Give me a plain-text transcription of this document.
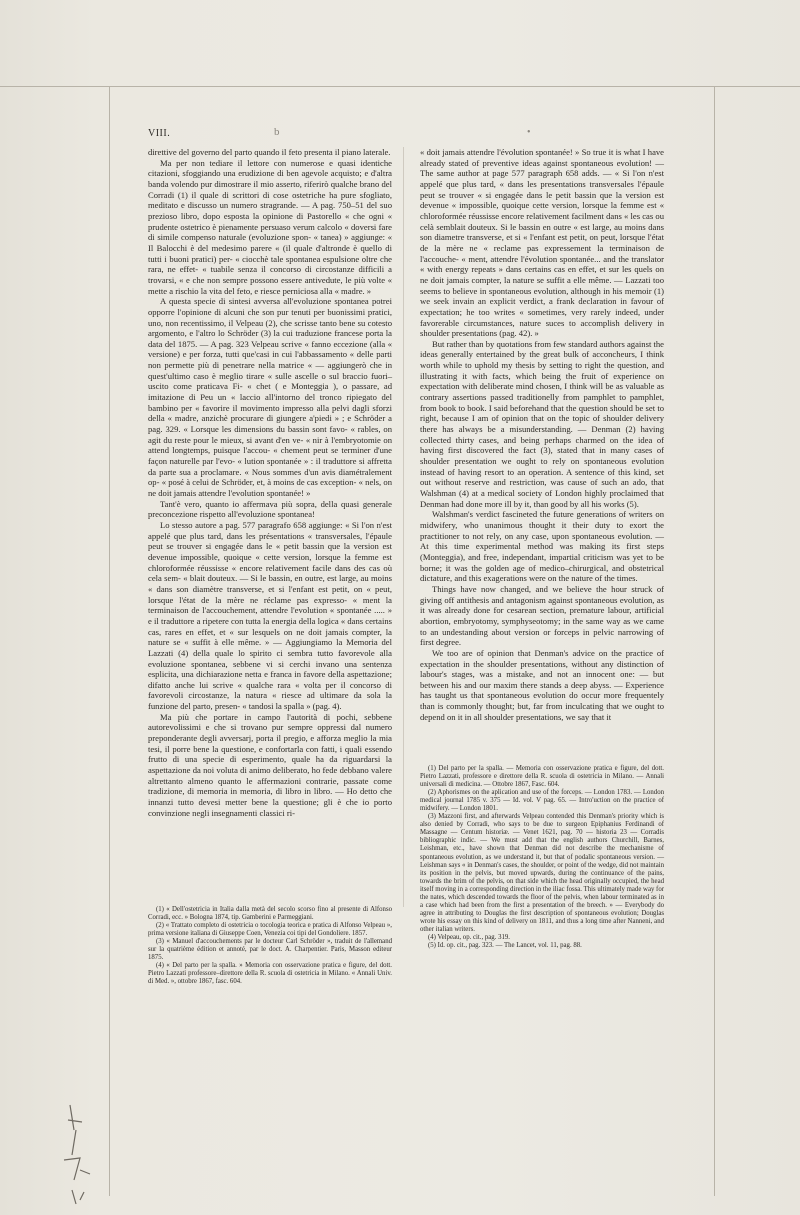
VIII.	b	•

direttive del governo del parto quando il feto presenta il piano laterale.

Ma per non tediare il lettore con numerose e quasi identiche citazioni, sfoggiando una erudizione di ben agevole acquisto; e d'altra banda volendo pur dimostrare il mio asserto, riferirò qualche brano del Corradi (1) il quale di scrittori di cose ostetriche ha pure sfogliato, meditato e discusso un numero stragrande. — A pag. 750–51 del suo prezioso libro, dopo esposta la opinione di Pastorello « che ogni « prudente ostetrico è pienamente persuaso verum calcolo « doversi fare di simile compenso naturale (evoluzione spon- « tanea) » aggiunge: « Il Balocchi è del medesimo parere « (il quale d'altronde è quello di tutti i buoni pratici) per- « ciocchè tale spontanea espulsione oltre che rara, ne effet- « tuabile senza il concorso di circostanze difficili a trovarsi, « e che non sempre possono essere antivedute, le più volte « mette a rischio la vita del feto, e riesce perniciosa alla « madre. »

A questa specie di sintesi avversa all'evoluzione spontanea potrei opporre l'opinione di alcuni che son pur tenuti per buonissimi pratici, uno, non recentissimo, il Velpeau (2), che scrisse tanto bene su cotesto argomento, e l'altro lo Schröder (3) la cui traduzione francese porta la data del 1875. — A pag. 323 Velpeau scrive « fanno eccezione (alla « versione) e per forza, tutti que'casi in cui l'abbassamento « delle parti non permette più di penetrare nella matrice « — aggiungerò che in quest'ultimo caso è meglio tirare « sulle ascelle o sul braccio fuori–uscito come praticava Fi- « chet ( e Monteggia ), o passare, ad imitazione di Peu un « laccio all'intorno del tronco ripiegato del bambino per « favorire il movimento impresso alla pelvi dagli sforzi della « madre, anzichè procurare di giungere a'piedi » ; e Schröder a pag. 329. « Lorsque les dimensions du bassin sont favo- « rables, on agit du reste pour le mieux, si avant d'en ve- « nir à l'embryotomie on attend longtemps, puisque l'accou- « chement peut se terminer d'une façon naturelle par l'evo- « lution spontanée » : il traduttore si affretta da parte sua a proclamare. « Nous sommes d'un avis diamétralement op- « posé à celui de Schröder, et, à moins de cas exception- « nels, on ne doit jamais attendre l'evolution spontanée! »

Tant'è vero, quanto io affermava più sopra, della quasi generale preconcezione rispetto all'evoluzione spontanea!

Lo stesso autore a pag. 577 paragrafo 658 aggiunge: « Si l'on n'est appelé que plus tard, dans les présentations « transversales, l'épaule peut se trouver si engagée dans le « petit bassin que la version est devenue impossible, quoique « cette version, lorsque la femme est chloroformée réussisse « encore relativement facile dans des cas où cela sem- « blait douteux. — Si le bassin, en outre, est large, au moins « dans son diamètre transverse, et si l'enfant est petit, on « peut, lorsque l'état de la mère ne réclame pas expresso- « ment la terminaison de l'accouchement, attendre l'evolution « spontanée ..... » e il traduttore a ripetere con tutta la energia della logica « dans certains cas, rares en effet, et « sur lesquels on ne doit jamais compter, la nature se « suffit à elle même. » — Aggiungiamo la Memoria del Lazzati (4) della quale lo spirito ci sembra tutto favorevole alla evoluzione spontanea, sebbene vi si cerchi invano una sentenza esplicita, una dichiarazione netta e franca in favore della aspettazione; difatto anche lui scrive « qualche rara « volta per il concorso di favorevoli circostanze, la natura « riesce ad ultimare da sola la funzione del parto, presen- « tandosi la spalla » (pag. 4).

Ma più che portare in campo l'autorità di pochi, sebbene autorevolissimi e che si trovano pur sempre oppressi dal numero preponderante degli avversarj, porta il pregio, e afforza meglio la mia tesi, il porre bene la questione, e confortarla con fatti, i quali essendo frutto di una specie di esperimento, quale ha da riguardarsi la aspettazione da noi voluta di animo deliberato, ho fede debbano valere altrettanto almeno quanto le affermazioni contrarie, passate come tradizione, di memoria in memoria, di libro in libro. — Ho detto che innanzi tutto devesi metter bene la questione; gli è che io porto convinzione negli insegnamenti classici ri-

(1) « Dell'ostetricia in Italia dalla metà del secolo scorso fino al presente di Alfonso Corradi, ecc. » Bologna 1874, tip. Gamberini e Parmeggiani.

(2) « Trattato completo di ostetricia o tocologia teorica e pratica di Alfonso Velpeau », prima versione italiana di Giuseppe Coen, Venezia coi tipi del Gondoliere. 1857.

(3) « Manuel d'accouchements par le docteur Carl Schröder », traduit de l'allemand sur la quatrième édition et annoté, par le doct. A. Charpentier. Paris, Masson editeur 1875.

(4) « Del parto per la spalla. » Memoria con osservazione pratica e figure, del dott. Pietro Lazzati professore–direttore della R. scuola di ostetricia in Milano. « Annali Univ. di Med. », ottobre 1867, fasc. 604.

« doit jamais attendre l'évolution spontanée! » So true it is what I have already stated of preventive ideas against spontaneous evolution! — The same author at page 577 paragraph 658 adds. — « Si l'on n'est appelé que plus tard, « dans les presentations transversales l'épaule peut se trouver « si engagée dans le petit bassin que la version est devenue « impossible, quoique cette version, lorsque la femme est « chloroformée réussisse encore relativement facilment dans « les cas ou celà semblait douteux. Si le bassin en outre « est large, au moins dans son diametre transverse, et si « l'enfant est petit, on peut, lorsque l'état de la mère ne « reclame pas expressement la terminaison de l'accouche- « ment, attendre l'évolution spontanée... and the translator « with energy repeats » dans certains cas en effet, et sur les quels on ne doit jamais compter, la nature se suffit a elle même. — Lazzati too seems to believe in spontaneous evolution, although in his memoir (1) we seek invain an explicit verdict, a frank declaration in favour of expectation; he too writes « sometimes, very rarely indeed, under favorerable circumstances, nature suces to accomplish delivery in shoulder presentations (pag. 42). »

But rather than by quotations from few standard authors against the ideas generally entertained by the great bulk of acconcheurs, I think worth while to uphold my thesis by setting to right the question, and illustrating it with facts, which being the fruit of experience on expectation with deliberate mind chosen, I think will be as valuable as contrary assertions passed traditionelly from pamphlet to pamphlet, from book to book. I said beforehand that the question should be set to right, because I am of opinion that on the topic of shoulder delivery there has always be a misunderstanding. — Denman (2) having collected thirty cases, and being perhaps charmed on the idea of having first discovered the fact (3), stated that in many cases of shoulder presentation we ought to rely on spontaneous evolution instead of having resort to an operation. A sentence of this kind, set out without reserve and restriction, was cause of such an ado, that Walshman (4) at a medical society of London highly proclaimed that Denman had done more ill by it, than good by all his works (5).

Walshman's verdict fascineted the future generations of writers on midwifery, who unanimous thought it their duty to exort the practitioner to not rely, on any case, upon spontaneous evolution. — At this time experimental method was making its first steps (Monteggia), and free, independant, impartial criticism was yet to be borne; it was the golden age of medico–chirurgical, and obstetrical dictature, and this exagerations were on the nature of the times.

Things have now changed, and we believe the hour struck of giving off antithesis and antagonism against spontaneous evolution, as it was already done for cesarean section, premature labour, artificial abortion, embryotomy, symphyseotomy; in the same way as we came to an undestanding about version or forceps in pelvic narrowing of first degree.

We too are of opinion that Denman's advice on the practice of expectation in the shoulder presentations, without any distinction of labour's stages, was a mistake, and not an innocent one: — but between his and our maxim there stands a deep abyss. — Experience has taught us that spontaneous evolution do occur more frequentely than is commonly thought; but, far from inculcating that we ought to depend on it in all shoulder presentations, we say that it

(1) Del parto per la spalla. — Memoria con osservazione pratica e figure, del dott. Pietro Lazzati, professore e direttore della R. scuola di ostetricia in Milano. — Annali universali di medicina. — Ottobre 1867, Fasc. 604.

(2) Aphorismes on the aplication and use of the forceps. — London 1783. — London medical journal 1785 v. 375 — Id. vol. V pag. 65. — Intro'uction on the practice of midwifery. — London 1801.

(3) Mazzoni first, and afterwards Velpeau contended this Denman's priority which is also denied by Corradi, who says to be due to surgeon Epiphanius Ferdinandi of Massagne — Centum historiæ. — Venet 1621, pag. 70 — historia 23 — Corradis bibliographic indic. — We must add that the english authors Churchill, Barnes, Leishman, etc., have shown that Denman did not describe the mechanisme of spontaneous evolution, as we understand it, but that of podalic spontaneous version. — Leishman says « in Denman's cases, the shoulder, or point of the wedge, did not maintain its position in the pelvis, but moved upwards, during the continuance of the pains, towards the brim of the pelvis, on that side which the head originally occupied, the head itself moving in a corresponding direction in the iliac fossa. This ultimately made way for the nates, which descended towards the floor of the pelvis, when labour terminated as in a case which had been from the first a presentation of the breech. » — Everybody do agree in attributing to Douglas the first description of spontaneous evolution; Douglas wrote his essay on this kind of delivery on 1811, and thus a long time after Nanneni, and other italian writers.

(4) Velpeau, op. cit., pag. 319.

(5) Id. op. cit., pag. 323. — The Lancet, vol. 11, pag. 88.
